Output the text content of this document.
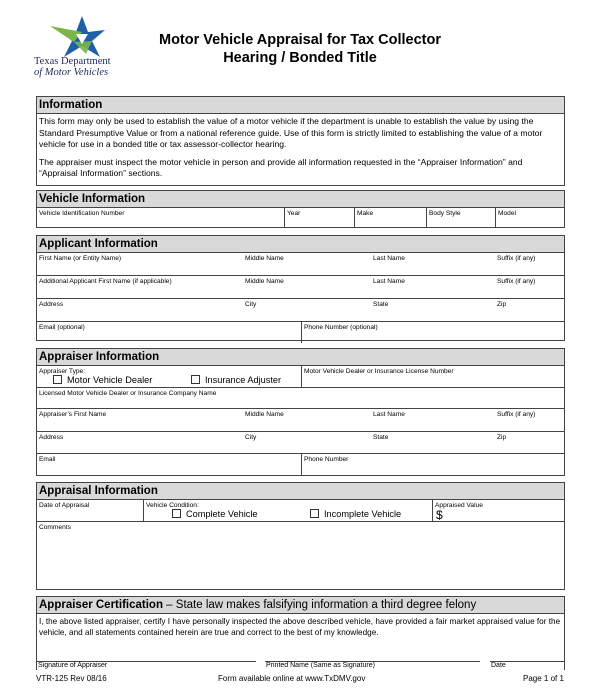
Texas Department
of Motor Vehicles
Motor Vehicle Appraisal for Tax Collector
Hearing / Bonded Title
Information

This form may only be used to establish the value of a motor vehicle if the department is unable to establish the value by using the Standard Presumptive Value or from a national reference guide. Use of this form is strictly limited to establishing the value of a motor vehicle for use in a bonded title or tax assessor-collector hearing.

The appraiser must inspect the motor vehicle in person and provide all information requested in the “Appraiser Information” and “Appraisal Information” sections.

Vehicle Information
Vehicle Identification Number	Year	Make	Body Style	Model
Applicant Information
First Name (or Entity Name)	Middle Name	Last Name	Suffix (if any)
Additional Applicant First Name (if applicable)	Middle Name	Last Name	Suffix (if any)
Address	City	State	Zip
Email (optional)	Phone Number (optional)
Appraiser Information
Appraiser Type:
Motor Vehicle Dealer	Insurance Adjuster
Motor Vehicle Dealer or Insurance License Number
Licensed Motor Vehicle Dealer or Insurance Company Name
Appraiser’s First Name	Middle Name	Last Name	Suffix (if any)
Address	City	State	Zip
Email	Phone Number
Appraisal Information
Date of Appraisal	Vehicle Condition:
Complete Vehicle	Incomplete Vehicle
Appraised Value
$
Comments
Appraiser Certification – State law makes falsifying information a third degree felony
I, the above listed appraiser, certify I have personally inspected the above described vehicle, have provided a fair market appraised value for the vehicle, and all statements contained herein are true and correct to the best of my knowledge.
Signature of Appraiser	Printed Name (Same as Signature)	Date
VTR-125 Rev 08/16	Form available online at www.TxDMV.gov	Page 1 of 1
